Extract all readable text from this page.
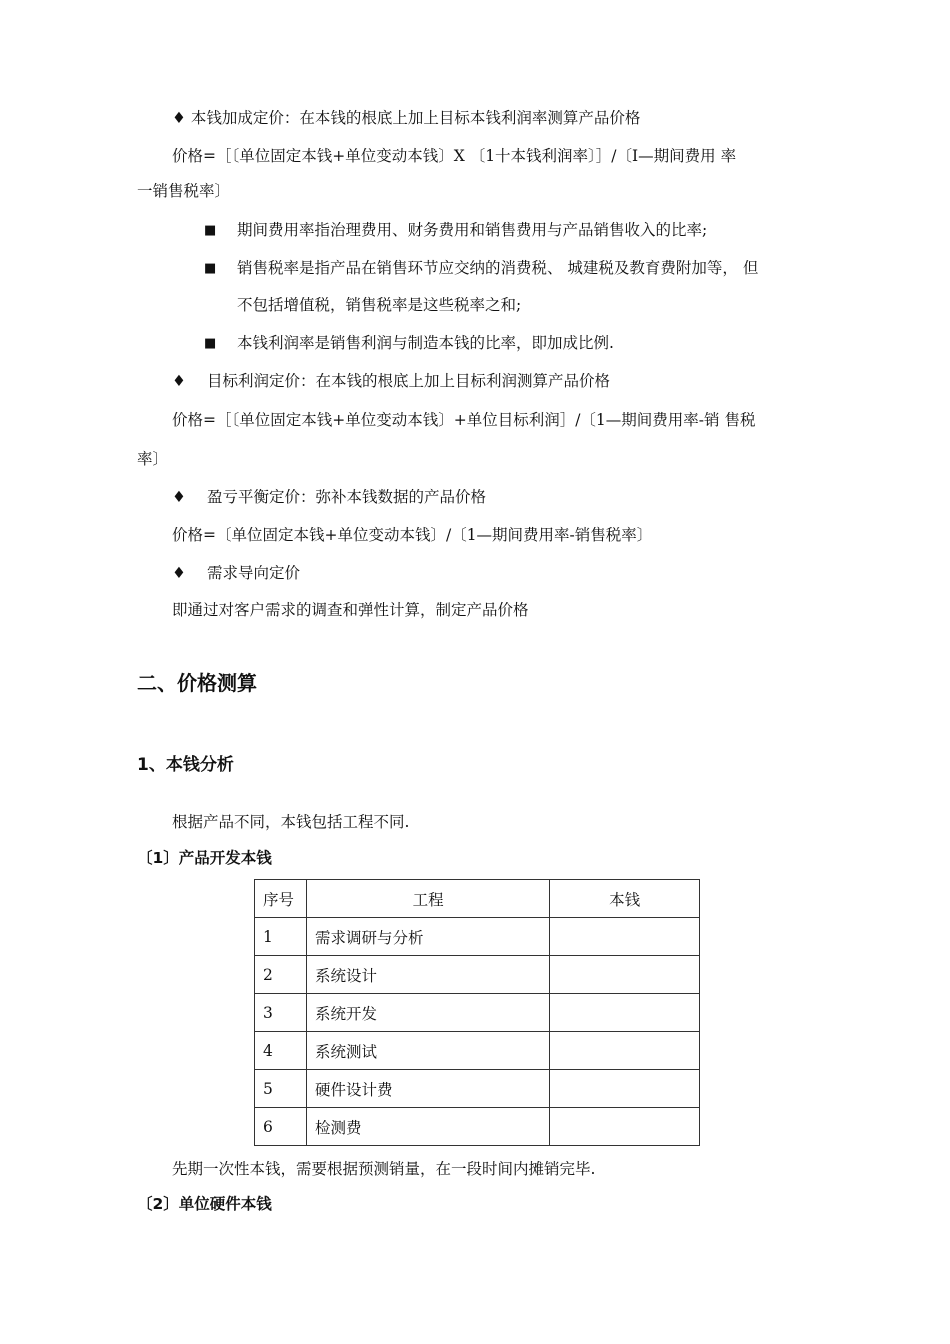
♦ 本钱加成定价：在本钱的根底上加上目标本钱利润率测算产品价格
价格=［〔单位固定本钱+单位变动本钱〕X 〔1十本钱利润率〕］/〔I—期间费用 率
一销售税率〕
■ 期间费用率指治理费用、财务费用和销售费用与产品销售收入的比率;
■ 销售税率是指产品在销售环节应交纳的消费税、 城建税及教育费附加等， 但
不包括增值税，销售税率是这些税率之和;
■ 本钱利润率是销售利润与制造本钱的比率，即加成比例.
♦ 目标利润定价：在本钱的根底上加上目标利润测算产品价格
价格=［〔单位固定本钱+单位变动本钱〕+单位目标利润］/〔1—期间费用率-销 售税
率〕
♦ 盈亏平衡定价：弥补本钱数据的产品价格
价格=〔单位固定本钱+单位变动本钱〕/〔1—期间费用率-销售税率〕
♦ 需求导向定价
即通过对客户需求的调查和弹性计算，制定产品价格
二、价格测算
1、本钱分析
根据产品不同，本钱包括工程不同.
〔1〕产品开发本钱
序号	工程	本钱
1	需求调研与分析	
2	系统设计	
3	系统开发	
4	系统测试	
5	硬件设计费	
6	检测费	
先期一次性本钱，需要根据预测销量，在一段时间内摊销完毕.
〔2〕单位硬件本钱
